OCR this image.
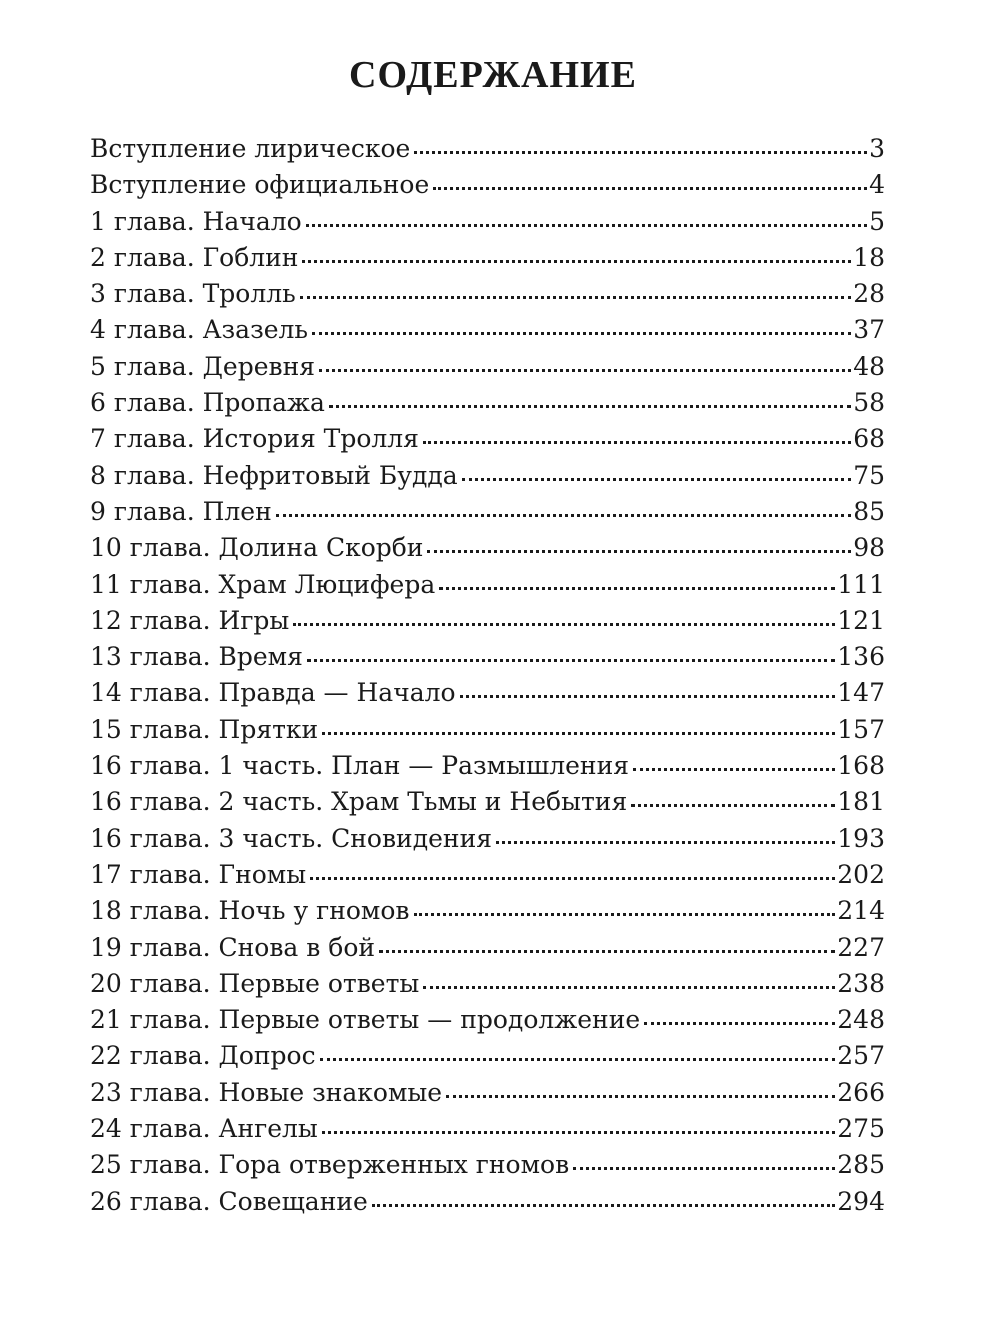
СОДЕРЖАНИЕ
Вступление лирическое	3
Вступление официальное	4
1 глава. Начало	5
2 глава. Гоблин	18
3 глава. Тролль	28
4 глава. Азазель	37
5 глава. Деревня	48
6 глава. Пропажа	58
7 глава. История Тролля	68
8 глава. Нефритовый Будда	75
9 глава. Плен	85
10 глава. Долина Скорби	98
11 глава. Храм Люцифера	111
12 глава. Игры	121
13 глава. Время	136
14 глава. Правда — Начало	147
15 глава. Прятки	157
16 глава. 1 часть. План — Размышления	168
16 глава. 2 часть. Храм Тьмы и Небытия	181
16 глава. 3 часть. Сновидения	193
17 глава. Гномы	202
18 глава. Ночь у гномов	214
19 глава. Снова в бой	227
20 глава. Первые ответы	238
21 глава. Первые ответы — продолжение	248
22 глава. Допрос	257
23 глава. Новые знакомые	266
24 глава. Ангелы	275
25 глава. Гора отверженных гномов	285
26 глава. Совещание	294
